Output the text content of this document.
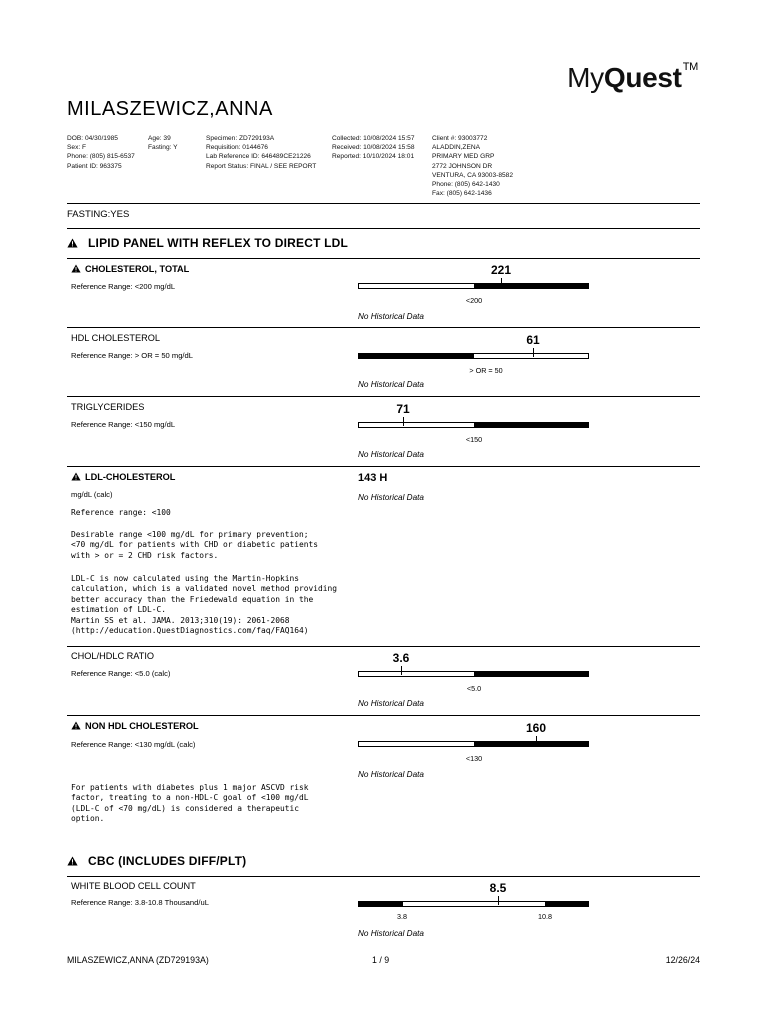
MyQuest™
MILASZEWICZ,ANNA
DOB: 04/30/1985
Sex: F
Phone: (805) 815-6537
Patient ID: 963375
Age: 39
Fasting: Y
Specimen: ZD729193A
Requisition: 0144676
Lab Reference ID: 646489CE21226
Report Status: FINAL / SEE REPORT
Collected: 10/08/2024 15:57
Received: 10/08/2024 15:58
Reported: 10/10/2024 18:01
Client #: 93003772
ALADDIN,ZENA
PRIMARY MED GRP
2772 JOHNSON DR
VENTURA, CA 93003-8582
Phone: (805) 642-1430
Fax: (805) 642-1436
FASTING:YES
LIPID PANEL WITH REFLEX TO DIRECT LDL
CHOLESTEROL, TOTAL
Reference Range: <200 mg/dL
221
<200
No Historical Data
HDL CHOLESTEROL
Reference Range: > OR = 50 mg/dL
61
> OR = 50
No Historical Data
TRIGLYCERIDES
Reference Range: <150 mg/dL
71
<150
No Historical Data
LDL-CHOLESTEROL	143 H
mg/dL (calc)	No Historical Data
Reference range: <100
Desirable range <100 mg/dL for primary prevention;
<70 mg/dL for patients with CHD or diabetic patients
with > or = 2 CHD risk factors.
LDL-C is now calculated using the Martin-Hopkins
calculation, which is a validated novel method providing
better accuracy than the Friedewald equation in the
estimation of LDL-C.
Martin SS et al. JAMA. 2013;310(19): 2061-2068
(http://education.QuestDiagnostics.com/faq/FAQ164)
CHOL/HDLC RATIO
Reference Range: <5.0 (calc)
3.6
<5.0
No Historical Data
NON HDL CHOLESTEROL
Reference Range: <130 mg/dL (calc)
160
<130
No Historical Data
For patients with diabetes plus 1 major ASCVD risk
factor, treating to a non-HDL-C goal of <100 mg/dL
(LDL-C of <70 mg/dL) is considered a therapeutic
option.
CBC (INCLUDES DIFF/PLT)
WHITE BLOOD CELL COUNT
Reference Range: 3.8-10.8 Thousand/uL
8.5
3.8	10.8
No Historical Data
MILASZEWICZ,ANNA (ZD729193A)	1 / 9	12/26/24
